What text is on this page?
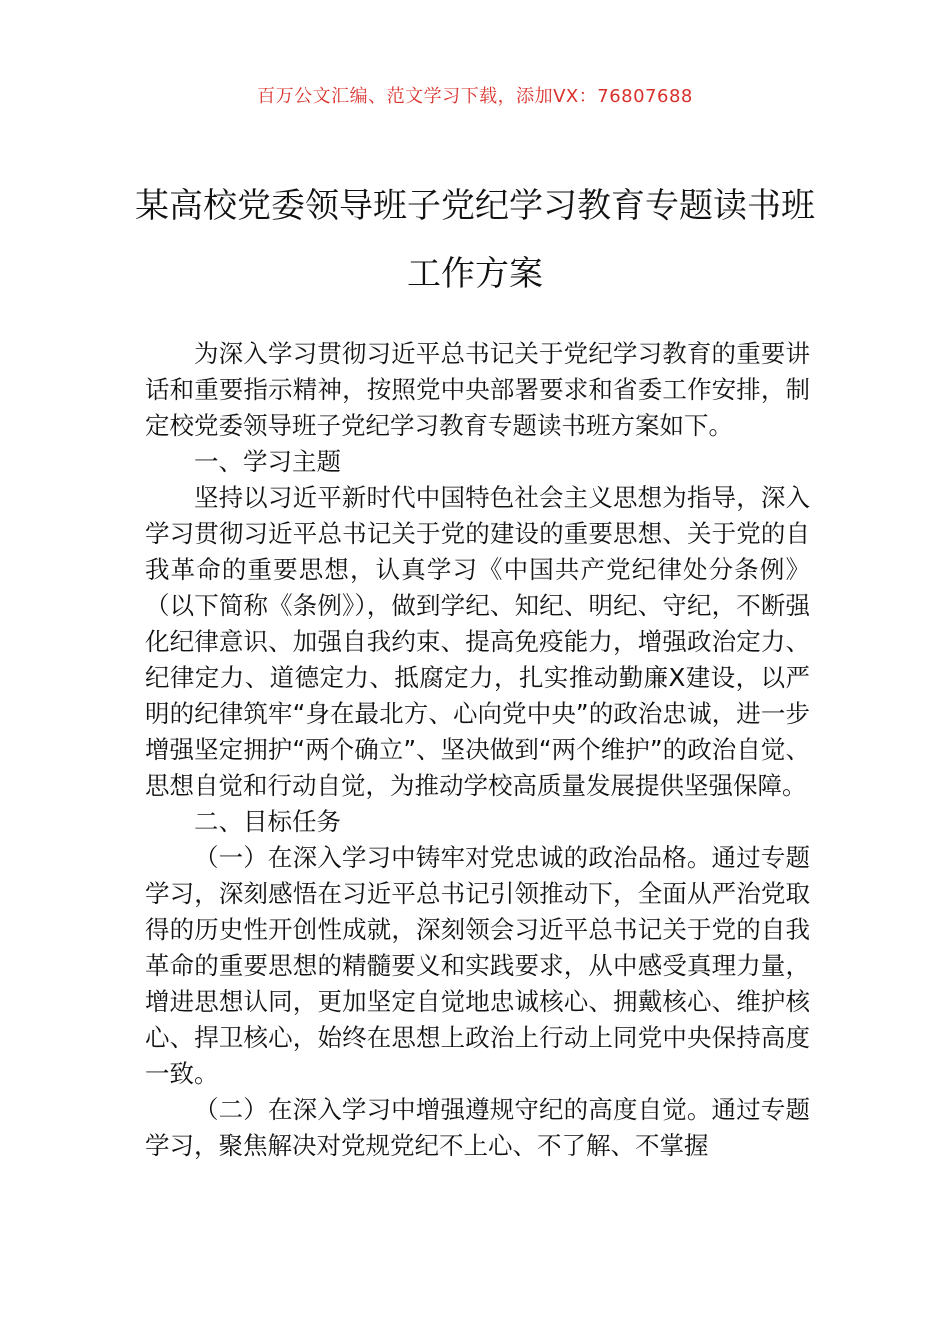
百万公文汇编、范文学习下载，添加VX：76807688
某高校党委领导班子党纪学习教育专题读书班工作方案

为深入学习贯彻习近平总书记关于党纪学习教育的重要讲话和重要指示精神，按照党中央部署要求和省委工作安排，制定校党委领导班子党纪学习教育专题读书班方案如下。

一、学习主题

坚持以习近平新时代中国特色社会主义思想为指导，深入学习贯彻习近平总书记关于党的建设的重要思想、关于党的自我革命的重要思想，认真学习《中国共产党纪律处分条例》（以下简称《条例》），做到学纪、知纪、明纪、守纪，不断强化纪律意识、加强自我约束、提高免疫能力，增强政治定力、纪律定力、道德定力、抵腐定力，扎实推动勤廉X建设，以严明的纪律筑牢“身在最北方、心向党中央”的政治忠诚，进一步增强坚定拥护“两个确立”、坚决做到“两个维护”的政治自觉、思想自觉和行动自觉，为推动学校高质量发展提供坚强保障。

二、目标任务

（一）在深入学习中铸牢对党忠诚的政治品格。通过专题学习，深刻感悟在习近平总书记引领推动下，全面从严治党取得的历史性开创性成就，深刻领会习近平总书记关于党的自我革命的重要思想的精髓要义和实践要求，从中感受真理力量，增进思想认同，更加坚定自觉地忠诚核心、拥戴核心、维护核心、捍卫核心，始终在思想上政治上行动上同党中央保持高度一致。

（二）在深入学习中增强遵规守纪的高度自觉。通过专题学习，聚焦解决对党规党纪不上心、不了解、不掌握
